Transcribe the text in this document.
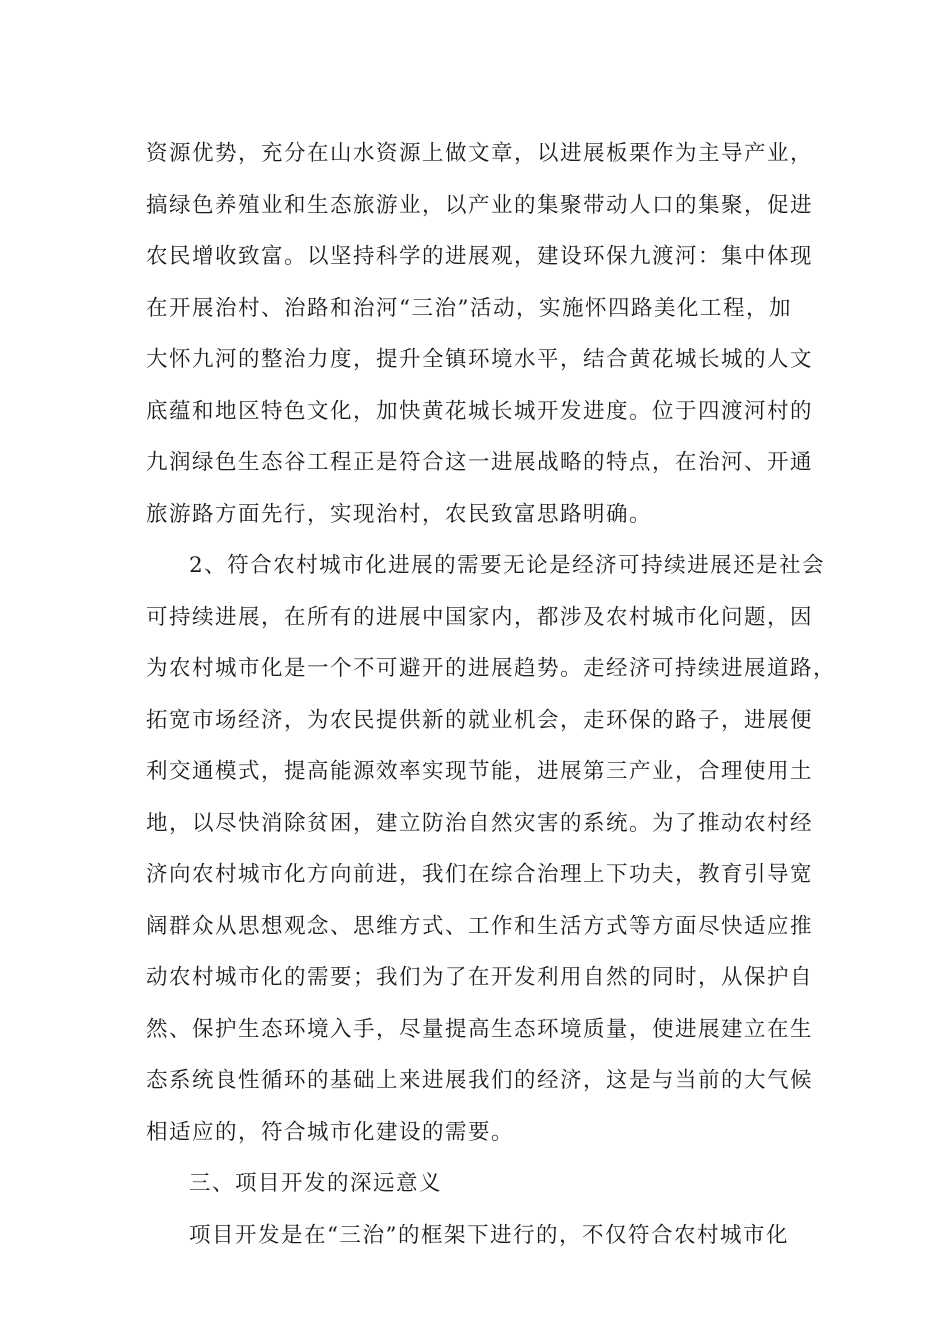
资源优势，充分在山水资源上做文章，以进展板栗作为主导产业，
搞绿色养殖业和生态旅游业，以产业的集聚带动人口的集聚，促进
农民增收致富。以坚持科学的进展观，建设环保九渡河：集中体现
在开展治村、治路和治河“三治”活动，实施怀四路美化工程，加
大怀九河的整治力度，提升全镇环境水平，结合黄花城长城的人文
底蕴和地区特色文化，加快黄花城长城开发进度。位于四渡河村的
九润绿色生态谷工程正是符合这一进展战略的特点，在治河、开通
旅游路方面先行，实现治村，农民致富思路明确。
2、符合农村城市化进展的需要无论是经济可持续进展还是社会
可持续进展，在所有的进展中国家内，都涉及农村城市化问题，因
为农村城市化是一个不可避开的进展趋势。走经济可持续进展道路，
拓宽市场经济，为农民提供新的就业机会，走环保的路子，进展便
利交通模式，提高能源效率实现节能，进展第三产业，合理使用土
地，以尽快消除贫困，建立防治自然灾害的系统。为了推动农村经
济向农村城市化方向前进，我们在综合治理上下功夫，教育引导宽
阔群众从思想观念、思维方式、工作和生活方式等方面尽快适应推
动农村城市化的需要；我们为了在开发利用自然的同时，从保护自
然、保护生态环境入手，尽量提高生态环境质量，使进展建立在生
态系统良性循环的基础上来进展我们的经济，这是与当前的大气候
相适应的，符合城市化建设的需要。
三、项目开发的深远意义
项目开发是在“三治”的框架下进行的，不仅符合农村城市化
